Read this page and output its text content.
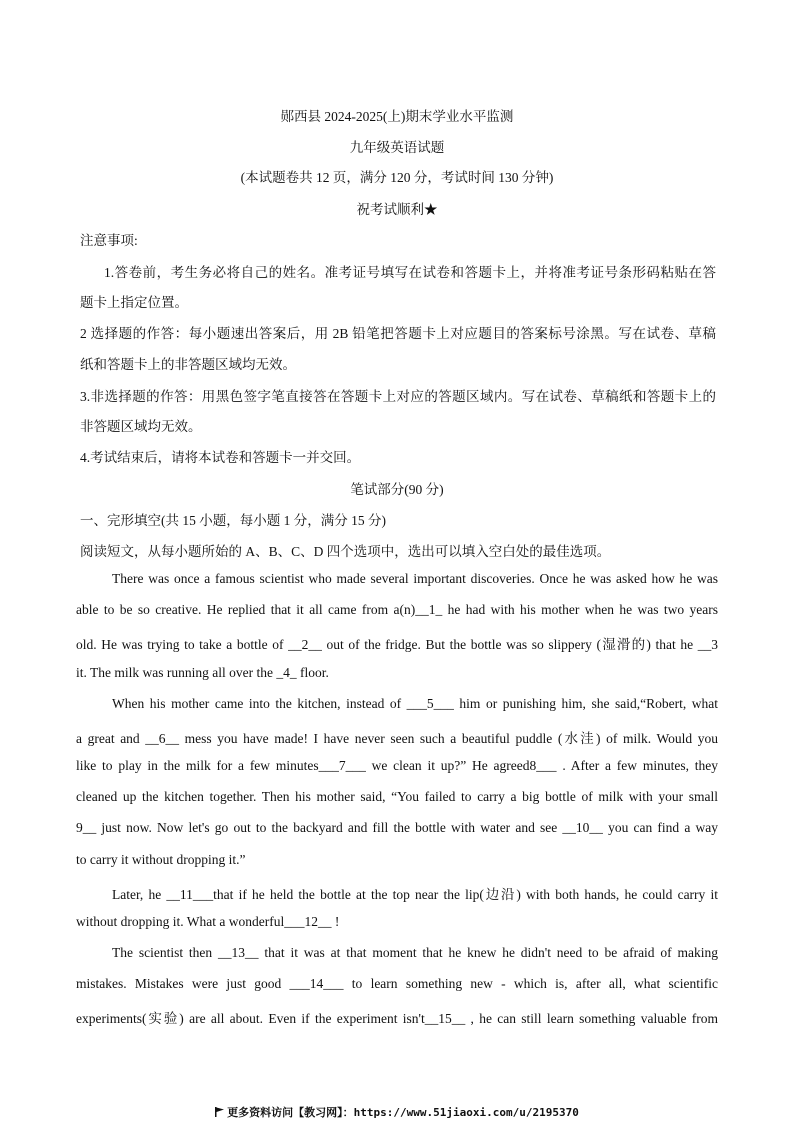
郧西县 2024-2025(上)期末学业水平监测
九年级英语试题
(本试题卷共 12 页，满分 120 分，考试时间 130 分钟)
祝考试顺利★
注意事项:
1.答卷前，考生务必将自己的姓名。准考证号填写在试卷和答题卡上，并将准考证号条形码粘贴在答
题卡上指定位置。
2 选择题的作答：每小题速出答案后，用 2B 铅笔把答题卡上对应题目的答案标号涂黑。写在试卷、草稿
纸和答题卡上的非答题区域均无效。
3.非选择题的作答：用黑色签字笔直接答在答题卡上对应的答题区域内。写在试卷、草稿纸和答题卡上的
非答题区域均无效。
4.考试结束后，请将本试卷和答题卡一并交回。
笔试部分(90 分)
一、完形填空(共 15 小题，每小题 1 分，满分 15 分)
阅读短文，从每小题所始的 A、B、C、D 四个选项中，选出可以填入空白处的最佳选项。
There was once a famous scientist who made several important discoveries. Once he was asked how he was
able to be so creative. He replied that it all came from a(n)__1_ he had with his mother when he was two years
old. He was trying to take a bottle of __2__ out of the fridge. But the bottle was so slippery (湿滑的) that he __3
it. The milk was running all over the _4_ floor.
When his mother came into the kitchen, instead of ___5___ him or punishing him, she said,“Robert, what
a great and __6__ mess you have made! I have never seen such a beautiful puddle (水洼) of milk. Would you
like to play in the milk for a few minutes___7___ we clean it up?” He agreed8___ . After a few minutes, they
cleaned up the kitchen together. Then his mother said, “You failed to carry a big bottle of milk with your small
9__ just now. Now let's go out to the backyard and fill the bottle with water and see __10__ you can find a way
to carry it without dropping it.”
Later, he __11___that if he held the bottle at the top near the lip(边沿) with both hands, he could carry it
without dropping it. What a wonderful___12__ !
The scientist then __13__ that it was at that moment that he knew he didn't need to be afraid of making
mistakes. Mistakes were just good ___14___ to learn something new - which is, after all, what scientific
experiments(实验) are all about. Even if the experiment isn't__15__ , he can still learn something valuable from
更多资料访问【教习网】：https://www.51jiaoxi.com/u/2195370
